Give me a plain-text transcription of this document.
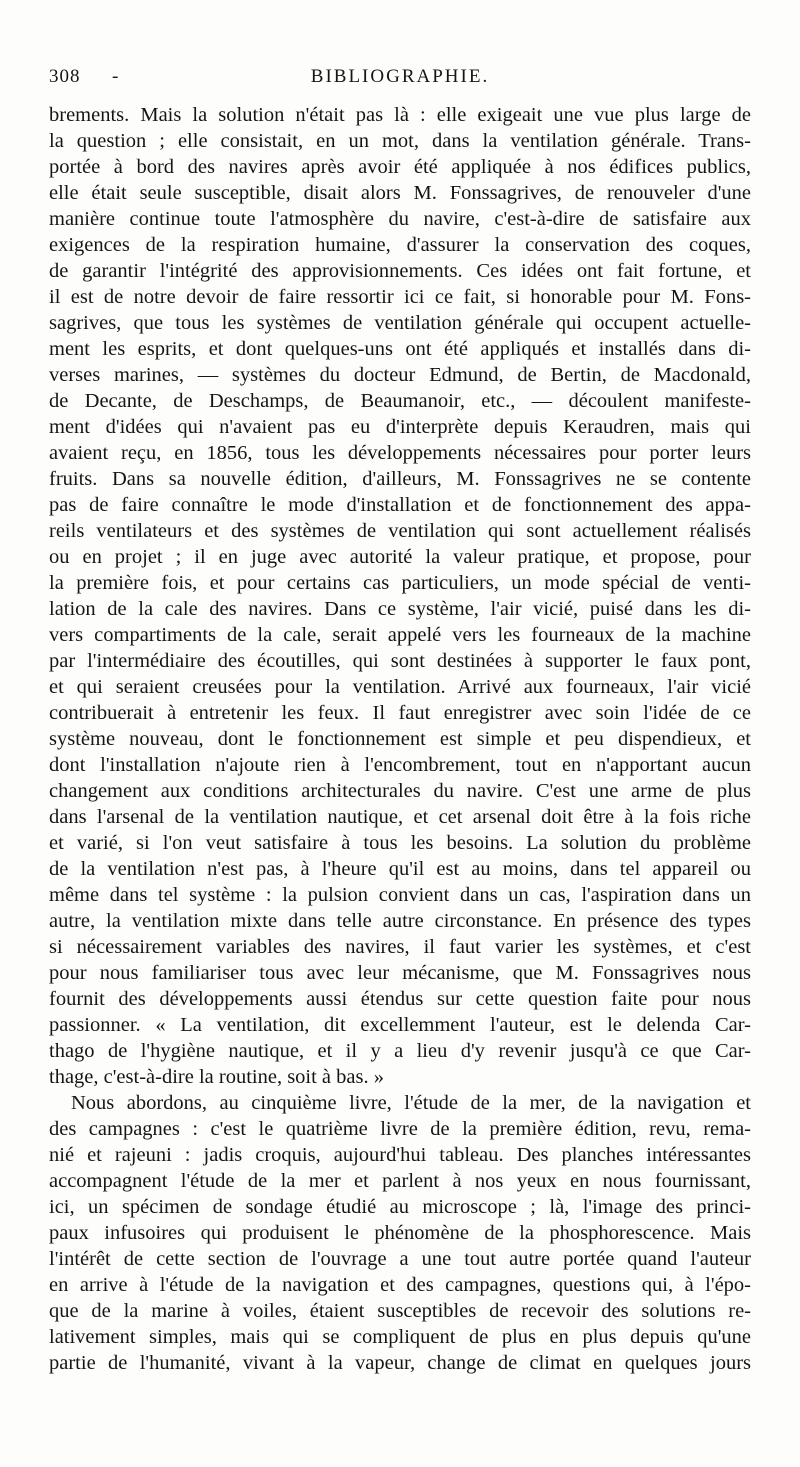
308 -	BIBLIOGRAPHIE.
brements. Mais la solution n'était pas là : elle exigeait une vue plus large de
la question ; elle consistait, en un mot, dans la ventilation générale. Trans-
portée à bord des navires après avoir été appliquée à nos édifices publics,
elle était seule susceptible, disait alors M. Fonssagrives, de renouveler d'une
manière continue toute l'atmosphère du navire, c'est-à-dire de satisfaire aux
exigences de la respiration humaine, d'assurer la conservation des coques,
de garantir l'intégrité des approvisionnements. Ces idées ont fait fortune, et
il est de notre devoir de faire ressortir ici ce fait, si honorable pour M. Fons-
sagrives, que tous les systèmes de ventilation générale qui occupent actuelle-
ment les esprits, et dont quelques-uns ont été appliqués et installés dans di-
verses marines, — systèmes du docteur Edmund, de Bertin, de Macdonald,
de Decante, de Deschamps, de Beaumanoir, etc., — découlent manifeste-
ment d'idées qui n'avaient pas eu d'interprète depuis Keraudren, mais qui
avaient reçu, en 1856, tous les développements nécessaires pour porter leurs
fruits. Dans sa nouvelle édition, d'ailleurs, M. Fonssagrives ne se contente
pas de faire connaître le mode d'installation et de fonctionnement des appa-
reils ventilateurs et des systèmes de ventilation qui sont actuellement réalisés
ou en projet ; il en juge avec autorité la valeur pratique, et propose, pour
la première fois, et pour certains cas particuliers, un mode spécial de venti-
lation de la cale des navires. Dans ce système, l'air vicié, puisé dans les di-
vers compartiments de la cale, serait appelé vers les fourneaux de la machine
par l'intermédiaire des écoutilles, qui sont destinées à supporter le faux pont,
et qui seraient creusées pour la ventilation. Arrivé aux fourneaux, l'air vicié
contribuerait à entretenir les feux. Il faut enregistrer avec soin l'idée de ce
système nouveau, dont le fonctionnement est simple et peu dispendieux, et
dont l'installation n'ajoute rien à l'encombrement, tout en n'apportant aucun
changement aux conditions architecturales du navire. C'est une arme de plus
dans l'arsenal de la ventilation nautique, et cet arsenal doit être à la fois riche
et varié, si l'on veut satisfaire à tous les besoins. La solution du problème
de la ventilation n'est pas, à l'heure qu'il est au moins, dans tel appareil ou
même dans tel système : la pulsion convient dans un cas, l'aspiration dans un
autre, la ventilation mixte dans telle autre circonstance. En présence des types
si nécessairement variables des navires, il faut varier les systèmes, et c'est
pour nous familiariser tous avec leur mécanisme, que M. Fonssagrives nous
fournit des développements aussi étendus sur cette question faite pour nous
passionner. « La ventilation, dit excellemment l'auteur, est le delenda Car-
thago de l'hygiène nautique, et il y a lieu d'y revenir jusqu'à ce que Car-
thage, c'est-à-dire la routine, soit à bas. »
Nous abordons, au cinquième livre, l'étude de la mer, de la navigation et
des campagnes : c'est le quatrième livre de la première édition, revu, rema-
nié et rajeuni : jadis croquis, aujourd'hui tableau. Des planches intéressantes
accompagnent l'étude de la mer et parlent à nos yeux en nous fournissant,
ici, un spécimen de sondage étudié au microscope ; là, l'image des princi-
paux infusoires qui produisent le phénomène de la phosphorescence. Mais
l'intérêt de cette section de l'ouvrage a une tout autre portée quand l'auteur
en arrive à l'étude de la navigation et des campagnes, questions qui, à l'épo-
que de la marine à voiles, étaient susceptibles de recevoir des solutions re-
lativement simples, mais qui se compliquent de plus en plus depuis qu'une
partie de l'humanité, vivant à la vapeur, change de climat en quelques jours
